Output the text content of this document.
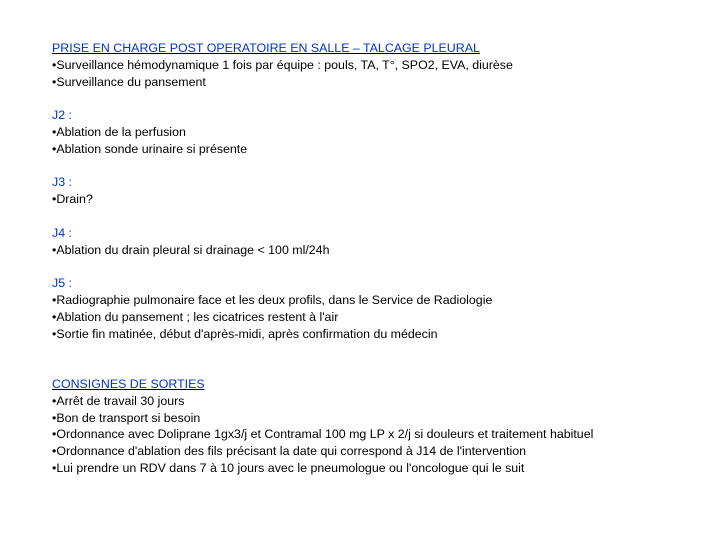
PRISE EN CHARGE POST OPERATOIRE EN SALLE – TALCAGE PLEURAL
• Surveillance hémodynamique 1 fois par équipe : pouls, TA, T°, SPO2, EVA, diurèse
• Surveillance du pansement
J2 :
• Ablation de la perfusion
• Ablation sonde urinaire si présente
J3 :
• Drain?
J4 :
• Ablation du drain pleural si drainage < 100 ml/24h
J5 :
• Radiographie pulmonaire face et les deux profils, dans le Service de Radiologie
• Ablation du pansement ; les cicatrices restent à l'air
• Sortie fin matinée, début d'après-midi, après confirmation du médecin
CONSIGNES DE SORTIES
• Arrêt de travail 30 jours
• Bon de transport si besoin
• Ordonnance avec Doliprane 1gx3/j et Contramal 100 mg LP x 2/j si douleurs et traitement habituel
• Ordonnance d'ablation des fils précisant la date qui correspond à J14 de l'intervention
• Lui prendre un RDV dans 7 à 10 jours avec le pneumologue ou l'oncologue qui le suit
